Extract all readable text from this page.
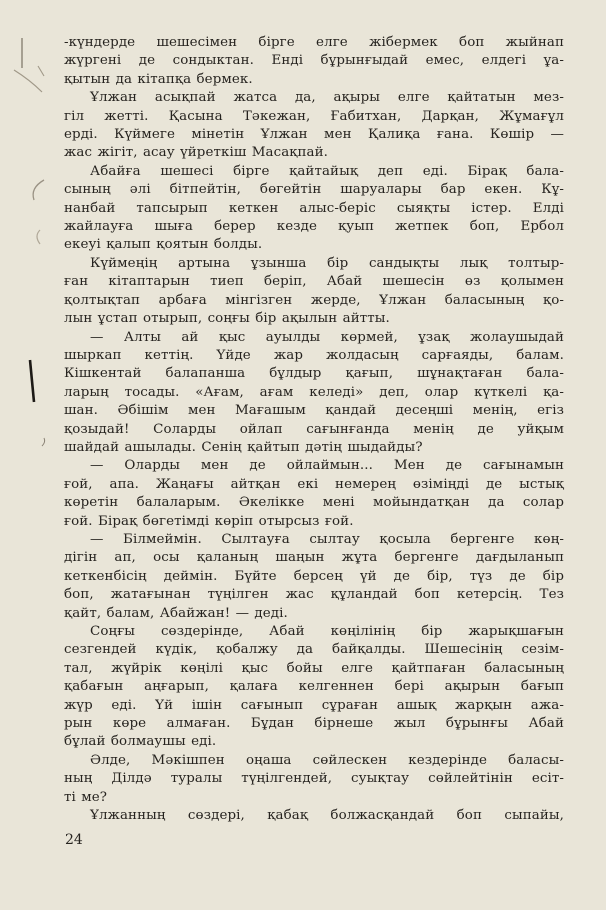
-күндерде шешесімен бірге елге жібермек боп жыйнап

жүргені де сондыктан. Енді бұрынғыдай емес, елдегі ұа-

қытын да кітапқа бермек.

Ұлжан асықпай жатса да, ақыры елге қайтатын мез-

гіл жетті. Қасына Тәкежан, Ғабитхан, Дарқан, Жұмағұл

ерді. Күймеге мінетін Ұлжан мен Қалиқа ғана. Көшір —

жас жігіт, асау үйреткіш Масақпай.

Абайға шешесі бірге қайтайық деп еді. Бірақ бала-

сының әлі бітпейтін, бөгейтін шаруалары бар екен. Кұ-

нанбай тапсырып кеткен алыс-беріс сыяқты істер. Елді

жайлауға шыға берер кезде қуып жетпек боп, Ербол

екеуі қалып қоятын болды.

Күймеңің артына ұзынша бір сандықты лық толтыр-

ған кітаптарын тиеп беріп, Абай шешесін өз қолымен

қолтықтап арбаға мінгізген жерде, Ұлжан баласының қо-

лын ұстап отырып, соңғы бір ақылын айтты.

— Алты ай қыс ауылды көрмей, ұзақ жолаушыдай

шыркап кеттің. Үйде жар жолдасың сарғаяды, балам.

Кішкентай балапанша бұлдыр қағып, шұнақтаған бала-

ларың тосады. «Ағам, ағам келеді» деп, олар күткелі қа-

шан. Әбішім мен Мағашым қандай десеңші менің, егіз

қозыдай! Соларды ойлап сағынғанда менің де уйқым

шайдай ашылады. Сенің қайтып дәтің шыдайды?

— Оларды мен де ойлаймын... Мен де сағынамын

ғой, апа. Жаңағы айтқан екі немерең өзіміңді де ыстық

көретін балаларым. Әкелікке мені мойындатқан да солар

ғой. Бірақ бөгетімді көріп отырсыз ғой.

— Білмеймін. Сылтауға сылтау қосыла бергенге көң-

дігін ап, осы қаланың шаңын жұта бергенге дағдыланып

кеткенбісің деймін. Бүйте берсең үй де бір, түз де бір

боп, жатағынан түңілген жас құландай боп кетерсің. Тез

қайт, балам, Абайжан! — деді.

Соңғы сөздерінде, Абай көңілінің бір жарықшағын

сезгендей күдік, қобалжу да байқалды. Шешесінің сезім-

тал, жүйрік көңілі қыс бойы елге қайтпаған баласының

қабағын аңғарып, қалаға келгеннен бері ақырын бағып

жүр еді. Үй ішін сағынып сұраған ашық жарқын ажа-

рын көре алмаған. Бұдан бірнеше жыл бұрынғы Абай

бұлай болмаушы еді.

Әлде, Мәкішпен оңаша сөйлескен кездерінде баласы-

ның Ділдә туралы түңілгендей, суықтау сөйлейтінін есіт-

ті ме?

Ұлжанның сөздері, қабақ болжасқандай боп сыпайы,

24
